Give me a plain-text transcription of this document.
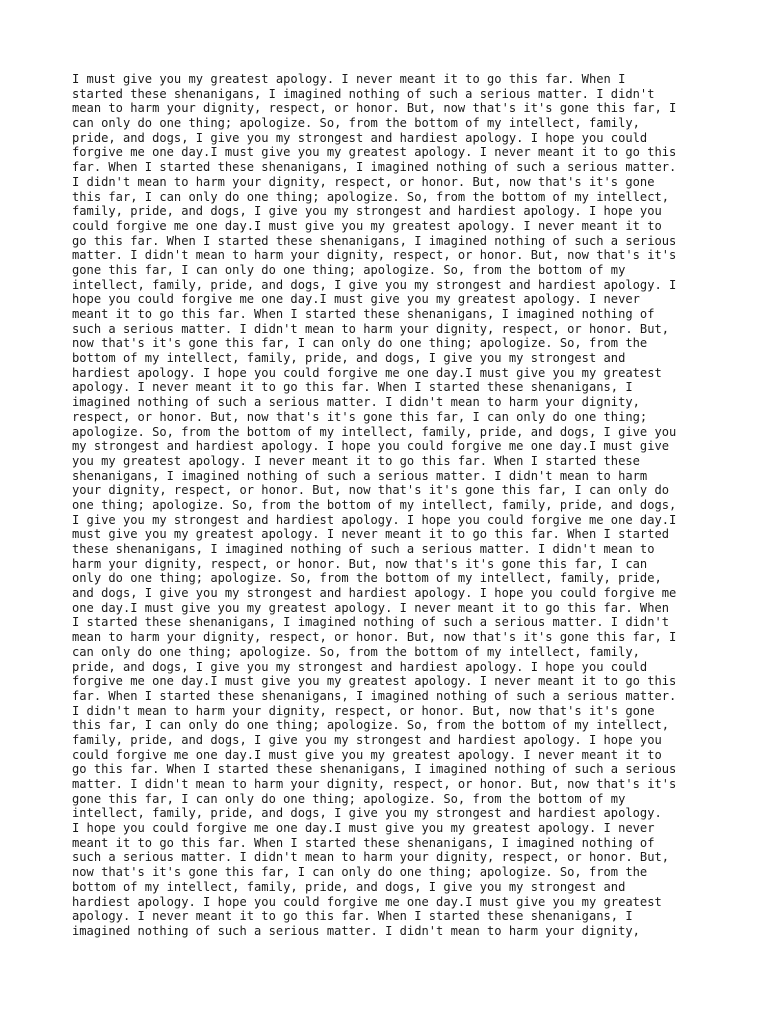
I must give you my greatest apology. I never meant it to go this far. When I
started these shenanigans, I imagined nothing of such a serious matter. I didn't
mean to harm your dignity, respect, or honor. But, now that's it's gone this far, I
can only do one thing; apologize. So, from the bottom of my intellect, family,
pride, and dogs, I give you my strongest and hardiest apology. I hope you could
forgive me one day.I must give you my greatest apology. I never meant it to go this
far. When I started these shenanigans, I imagined nothing of such a serious matter.
I didn't mean to harm your dignity, respect, or honor. But, now that's it's gone
this far, I can only do one thing; apologize. So, from the bottom of my intellect,
family, pride, and dogs, I give you my strongest and hardiest apology. I hope you
could forgive me one day.I must give you my greatest apology. I never meant it to
go this far. When I started these shenanigans, I imagined nothing of such a serious
matter. I didn't mean to harm your dignity, respect, or honor. But, now that's it's
gone this far, I can only do one thing; apologize. So, from the bottom of my
intellect, family, pride, and dogs, I give you my strongest and hardiest apology. I
hope you could forgive me one day.I must give you my greatest apology. I never
meant it to go this far. When I started these shenanigans, I imagined nothing of
such a serious matter. I didn't mean to harm your dignity, respect, or honor. But,
now that's it's gone this far, I can only do one thing; apologize. So, from the
bottom of my intellect, family, pride, and dogs, I give you my strongest and
hardiest apology. I hope you could forgive me one day.I must give you my greatest
apology. I never meant it to go this far. When I started these shenanigans, I
imagined nothing of such a serious matter. I didn't mean to harm your dignity,
respect, or honor. But, now that's it's gone this far, I can only do one thing;
apologize. So, from the bottom of my intellect, family, pride, and dogs, I give you
my strongest and hardiest apology. I hope you could forgive me one day.I must give
you my greatest apology. I never meant it to go this far. When I started these
shenanigans, I imagined nothing of such a serious matter. I didn't mean to harm
your dignity, respect, or honor. But, now that's it's gone this far, I can only do
one thing; apologize. So, from the bottom of my intellect, family, pride, and dogs,
I give you my strongest and hardiest apology. I hope you could forgive me one day.I
must give you my greatest apology. I never meant it to go this far. When I started
these shenanigans, I imagined nothing of such a serious matter. I didn't mean to
harm your dignity, respect, or honor. But, now that's it's gone this far, I can
only do one thing; apologize. So, from the bottom of my intellect, family, pride,
and dogs, I give you my strongest and hardiest apology. I hope you could forgive me
one day.I must give you my greatest apology. I never meant it to go this far. When
I started these shenanigans, I imagined nothing of such a serious matter. I didn't
mean to harm your dignity, respect, or honor. But, now that's it's gone this far, I
can only do one thing; apologize. So, from the bottom of my intellect, family,
pride, and dogs, I give you my strongest and hardiest apology. I hope you could
forgive me one day.I must give you my greatest apology. I never meant it to go this
far. When I started these shenanigans, I imagined nothing of such a serious matter.
I didn't mean to harm your dignity, respect, or honor. But, now that's it's gone
this far, I can only do one thing; apologize. So, from the bottom of my intellect,
family, pride, and dogs, I give you my strongest and hardiest apology. I hope you
could forgive me one day.I must give you my greatest apology. I never meant it to
go this far. When I started these shenanigans, I imagined nothing of such a serious
matter. I didn't mean to harm your dignity, respect, or honor. But, now that's it's
gone this far, I can only do one thing; apologize. So, from the bottom of my
intellect, family, pride, and dogs, I give you my strongest and hardiest apology.
I hope you could forgive me one day.I must give you my greatest apology. I never
meant it to go this far. When I started these shenanigans, I imagined nothing of
such a serious matter. I didn't mean to harm your dignity, respect, or honor. But,
now that's it's gone this far, I can only do one thing; apologize. So, from the
bottom of my intellect, family, pride, and dogs, I give you my strongest and
hardiest apology. I hope you could forgive me one day.I must give you my greatest
apology. I never meant it to go this far. When I started these shenanigans, I
imagined nothing of such a serious matter. I didn't mean to harm your dignity,
